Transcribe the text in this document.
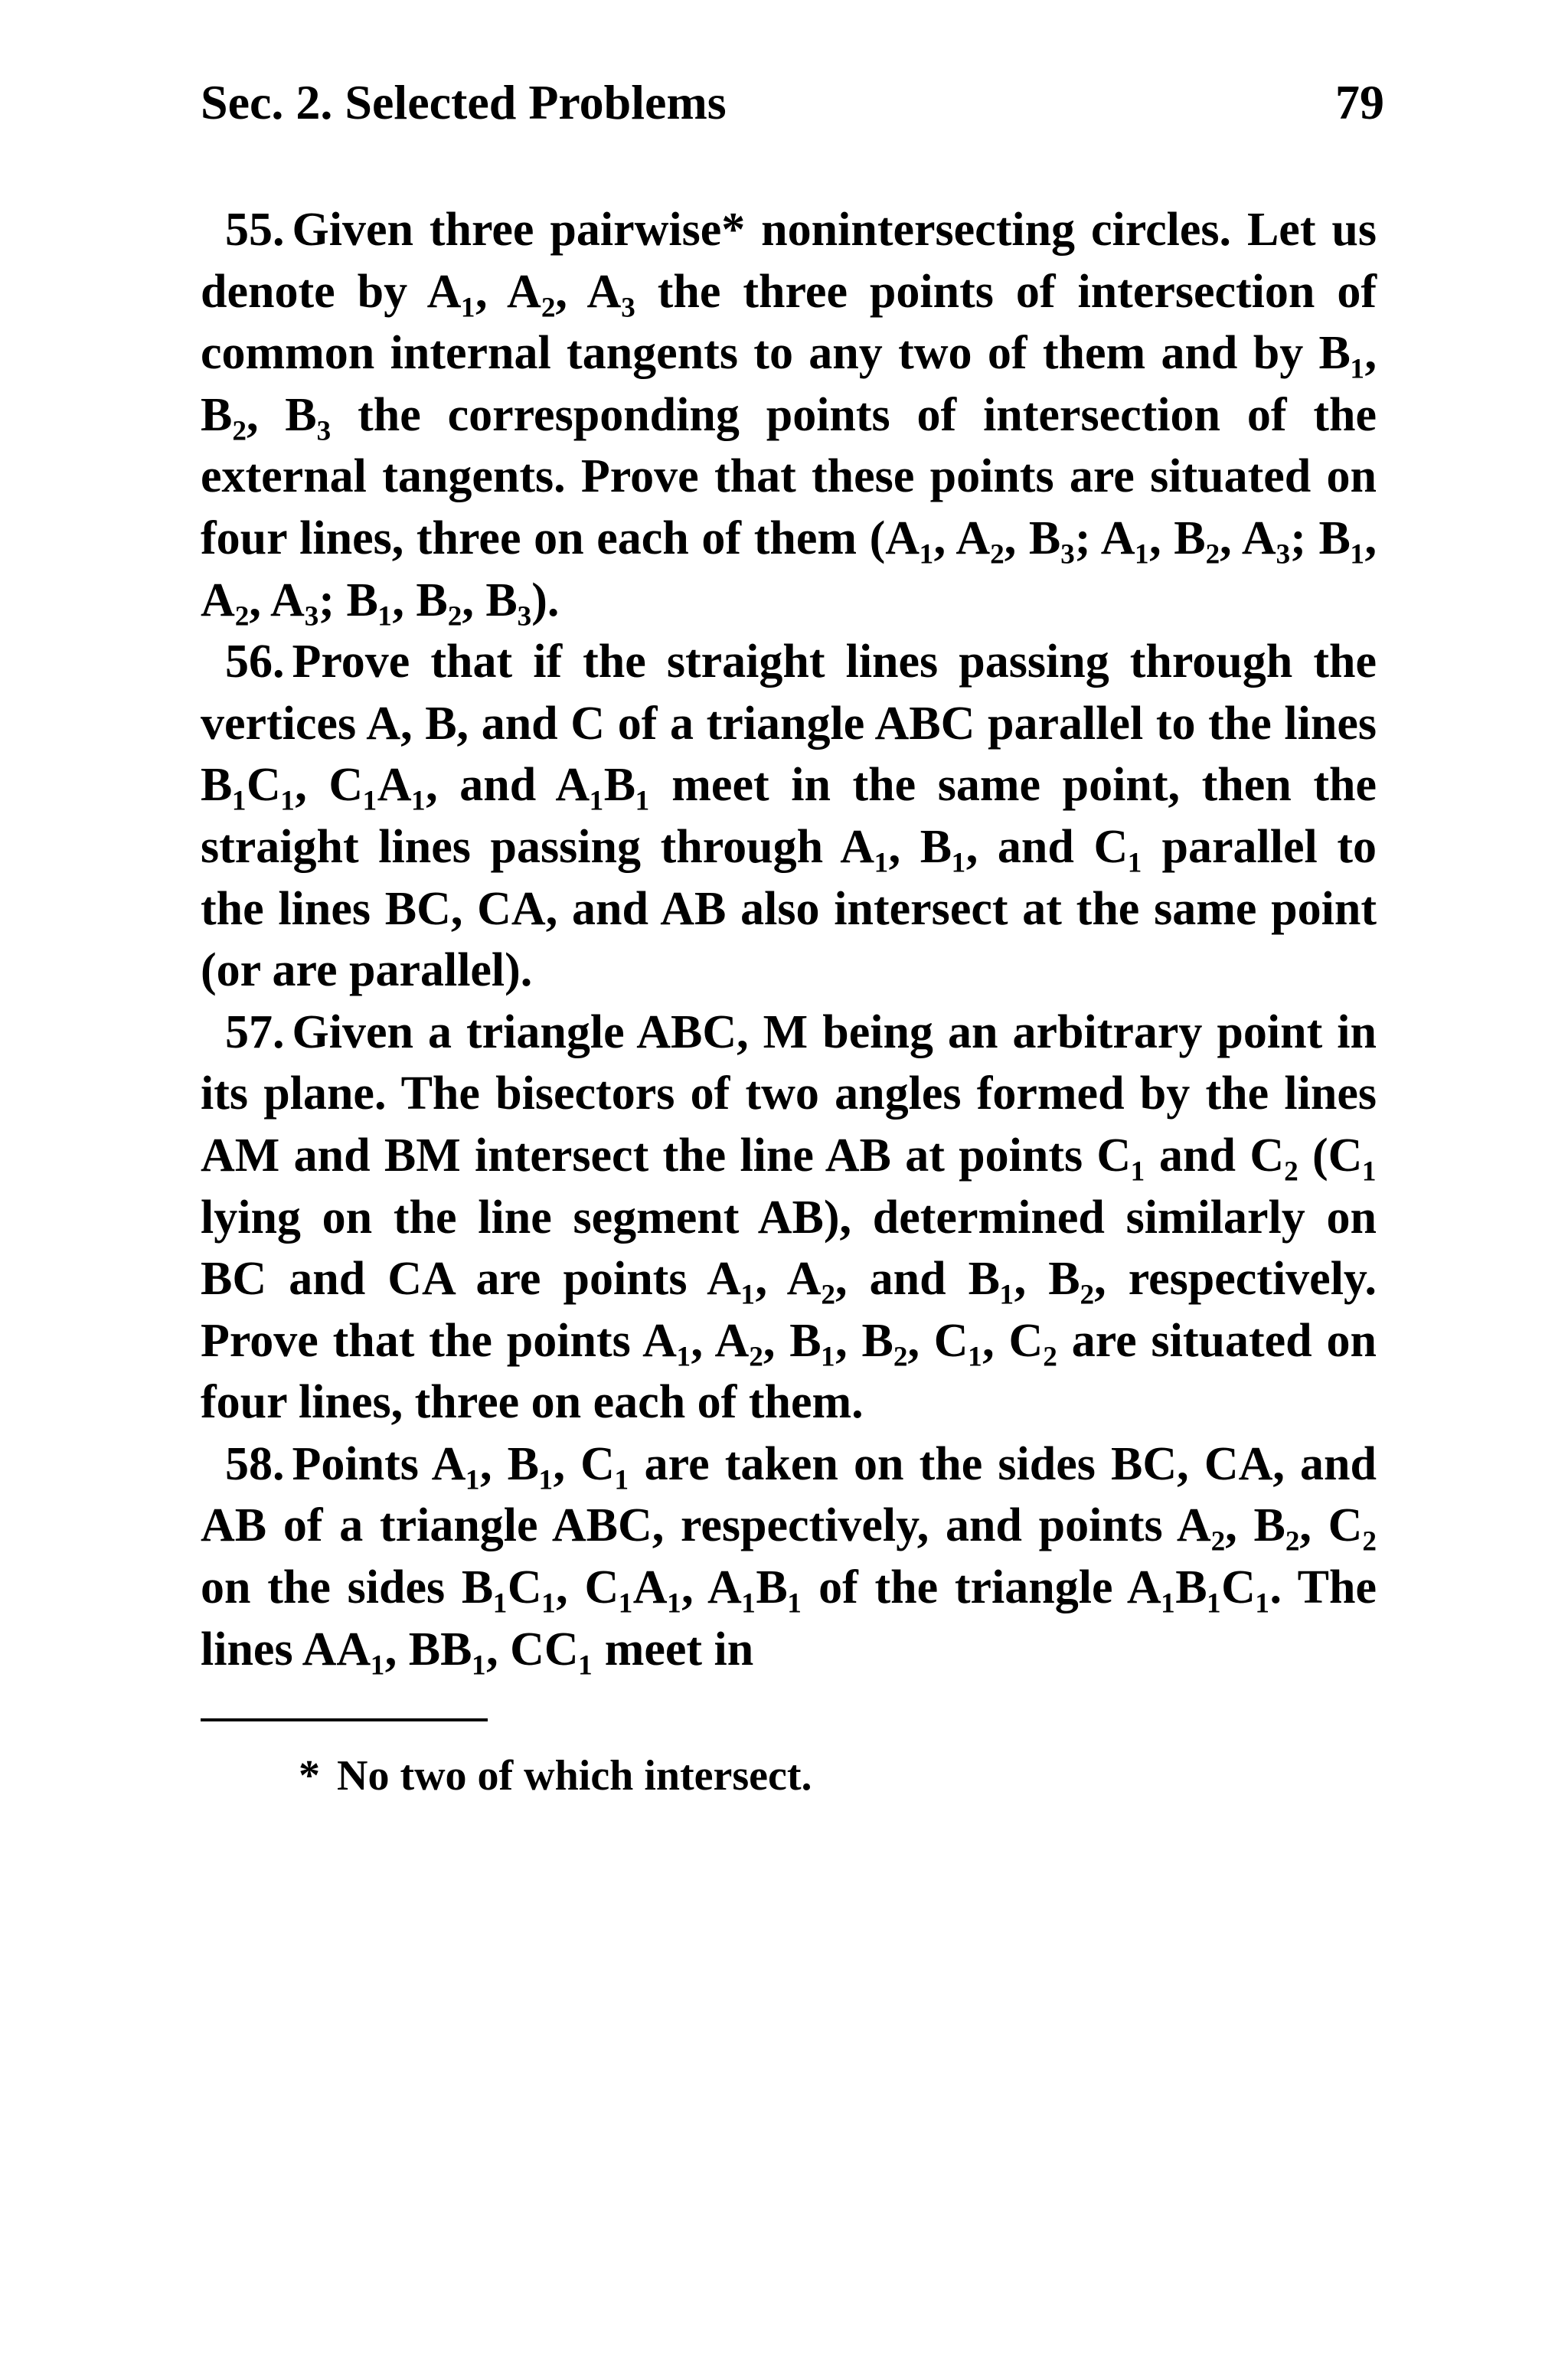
Sec. 2. Selected Problems	79

55. Given three pairwise* nonintersecting circles. Let us denote by A₁, A₂, A₃ the three points of intersection of common internal tangents to any two of them and by B₁, B₂, B₃ the corresponding points of intersection of the external tangents. Prove that these points are situated on four lines, three on each of them (A₁, A₂, B₃; A₁, B₂, A₃; B₁, A₂, A₃; B₁, B₂, B₃).

56. Prove that if the straight lines passing through the vertices A, B, and C of a triangle ABC parallel to the lines B₁C₁, C₁A₁, and A₁B₁ meet in the same point, then the straight lines passing through A₁, B₁, and C₁ parallel to the lines BC, CA, and AB also intersect at the same point (or are parallel).

57. Given a triangle ABC, M being an arbitrary point in its plane. The bisectors of two angles formed by the lines AM and BM intersect the line AB at points C₁ and C₂ (C₁ lying on the line segment AB), determined similarly on BC and CA are points A₁, A₂, and B₁, B₂, respectively. Prove that the points A₁, A₂, B₁, B₂, C₁, C₂ are situated on four lines, three on each of them.

58. Points A₁, B₁, C₁ are taken on the sides BC, CA, and AB of a triangle ABC, respectively, and points A₂, B₂, C₂ on the sides B₁C₁, C₁A₁, A₁B₁ of the triangle A₁B₁C₁. The lines AA₁, BB₁, CC₁ meet in

* No two of which intersect.
